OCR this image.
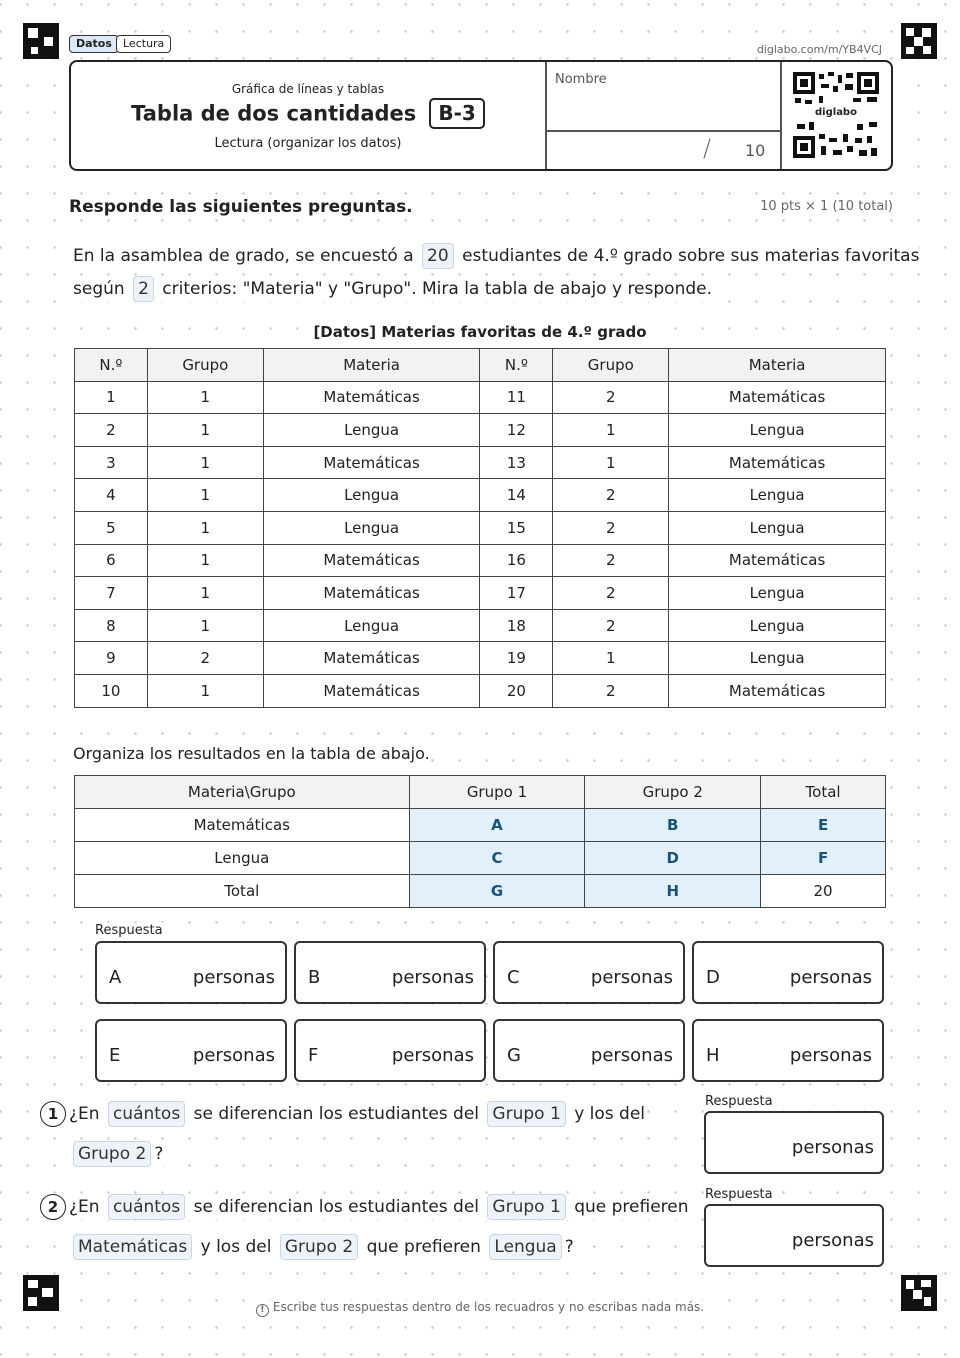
Datos	Lectura	diglabo.com/m/YB4VCJ
Gráfica de líneas y tablas
Tabla de dos cantidades B-3
Lectura (organizar los datos)
Nombre
/ 10
diglabo
Responde las siguientes preguntas.	10 pts × 1 (10 total)
En la asamblea de grado, se encuestó a 20 estudiantes de 4.º grado sobre sus materias favoritas
según 2 criterios: "Materia" y "Grupo". Mira la tabla de abajo y responde.
[Datos] Materias favoritas de 4.º grado
N.º	Grupo	Materia	N.º	Grupo	Materia
1	1	Matemáticas	11	2	Matemáticas
2	1	Lengua	12	1	Lengua
3	1	Matemáticas	13	1	Matemáticas
4	1	Lengua	14	2	Lengua
5	1	Lengua	15	2	Lengua
6	1	Matemáticas	16	2	Matemáticas
7	1	Matemáticas	17	2	Lengua
8	1	Lengua	18	2	Lengua
9	2	Matemáticas	19	1	Lengua
10	1	Matemáticas	20	2	Matemáticas
Organiza los resultados en la tabla de abajo.
Materia\Grupo	Grupo 1	Grupo 2	Total
Matemáticas	A	B	E
Lengua	C	D	F
Total	G	H	20
Respuesta
A	personas B	personas C	personas D	personas
E	personas F	personas G	personas H	personas
1 ¿En cuántos se diferencian los estudiantes del Grupo 1 y los del
Grupo 2 ?
Respuesta
personas
2 ¿En cuántos se diferencian los estudiantes del Grupo 1 que prefieren
Matemáticas y los del Grupo 2 que prefieren Lengua ?
Respuesta
personas
! Escribe tus respuestas dentro de los recuadros y no escribas nada más.
